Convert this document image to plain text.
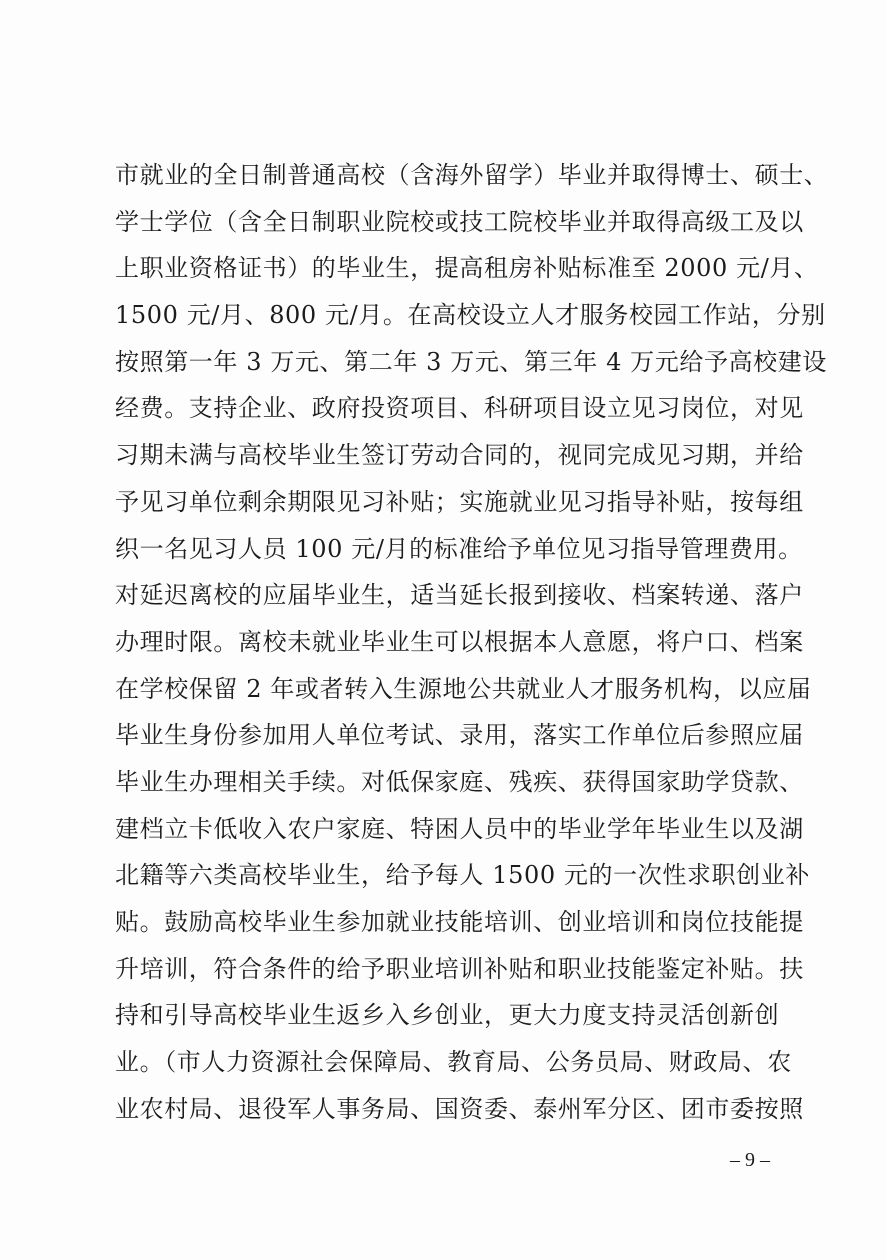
市就业的全日制普通高校（含海外留学）毕业并取得博士、硕士、
学士学位（含全日制职业院校或技工院校毕业并取得高级工及以
上职业资格证书）的毕业生，提高租房补贴标准至 2000 元/月、
1500 元/月、800 元/月。在高校设立人才服务校园工作站，分别
按照第一年 3 万元、第二年 3 万元、第三年 4 万元给予高校建设
经费。支持企业、政府投资项目、科研项目设立见习岗位，对见
习期未满与高校毕业生签订劳动合同的，视同完成见习期，并给
予见习单位剩余期限见习补贴；实施就业见习指导补贴，按每组
织一名见习人员 100 元/月的标准给予单位见习指导管理费用。
对延迟离校的应届毕业生，适当延长报到接收、档案转递、落户
办理时限。离校未就业毕业生可以根据本人意愿，将户口、档案
在学校保留 2 年或者转入生源地公共就业人才服务机构，以应届
毕业生身份参加用人单位考试、录用，落实工作单位后参照应届
毕业生办理相关手续。对低保家庭、残疾、获得国家助学贷款、
建档立卡低收入农户家庭、特困人员中的毕业学年毕业生以及湖
北籍等六类高校毕业生，给予每人 1500 元的一次性求职创业补
贴。鼓励高校毕业生参加就业技能培训、创业培训和岗位技能提
升培训，符合条件的给予职业培训补贴和职业技能鉴定补贴。扶
持和引导高校毕业生返乡入乡创业，更大力度支持灵活创新创
业。（市人力资源社会保障局、教育局、公务员局、财政局、农
业农村局、退役军人事务局、国资委、泰州军分区、团市委按照
– 9 –
